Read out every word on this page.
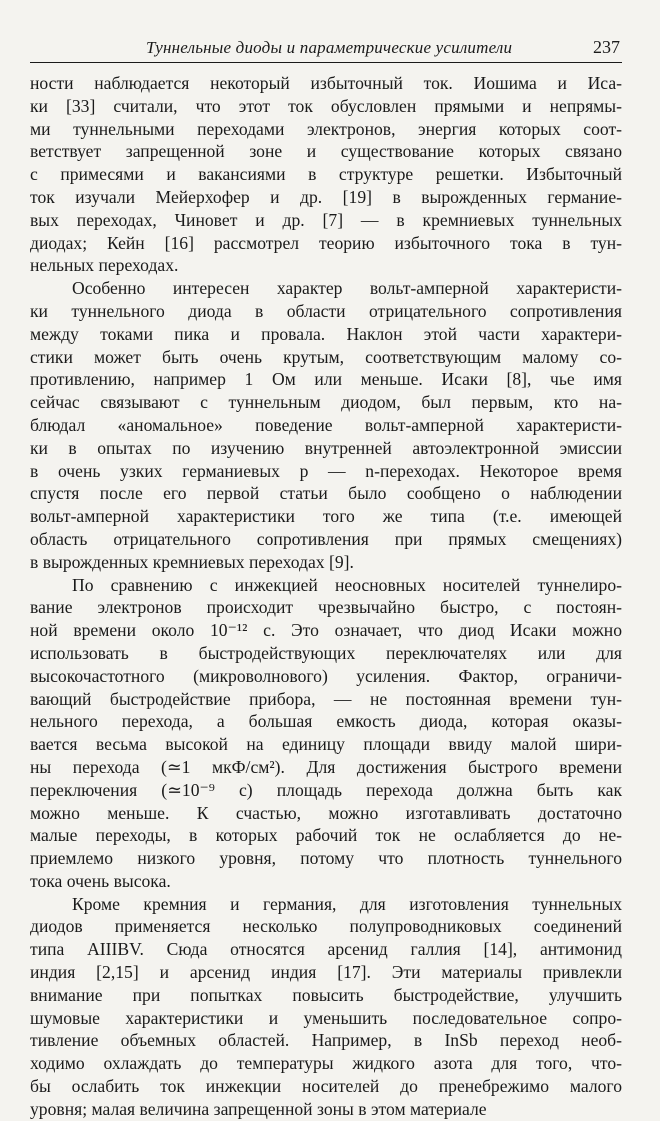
Туннельные диоды и параметрические усилители	237
ности наблюдается некоторый избыточный ток. Иошима и Иса-
ки [33] считали, что этот ток обусловлен прямыми и непрямы-
ми туннельными переходами электронов, энергия которых соот-
ветствует запрещенной зоне и существование которых связано
с примесями и вакансиями в структуре решетки. Избыточный
ток изучали Мейерхофер и др. [19] в вырожденных германие-
вых переходах, Чиновет и др. [7] — в кремниевых туннельных
диодах; Кейн [16] рассмотрел теорию избыточного тока в тун-
нельных переходах.
Особенно интересен характер вольт-амперной характеристи-
ки туннельного диода в области отрицательного сопротивления
между токами пика и провала. Наклон этой части характери-
стики может быть очень крутым, соответствующим малому со-
противлению, например 1 Ом или меньше. Исаки [8], чье имя
сейчас связывают с туннельным диодом, был первым, кто на-
блюдал «аномальное» поведение вольт-амперной характеристи-
ки в опытах по изучению внутренней автоэлектронной эмиссии
в очень узких германиевых p — n-переходах. Некоторое время
спустя после его первой статьи было сообщено о наблюдении
вольт-амперной характеристики того же типа (т.е. имеющей
область отрицательного сопротивления при прямых смещениях)
в вырожденных кремниевых переходах [9].
По сравнению с инжекцией неосновных носителей туннелиро-
вание электронов происходит чрезвычайно быстро, с постоян-
ной времени около 10⁻¹² с. Это означает, что диод Исаки можно
использовать в быстродействующих переключателях или для
высокочастотного (микроволнового) усиления. Фактор, ограничи-
вающий быстродействие прибора, — не постоянная времени тун-
нельного перехода, а большая емкость диода, которая оказы-
вается весьма высокой на единицу площади ввиду малой шири-
ны перехода (≃1 мкФ/см²). Для достижения быстрого времени
переключения (≃10⁻⁹ с) площадь перехода должна быть как
можно меньше. К счастью, можно изготавливать достаточно
малые переходы, в которых рабочий ток не ослабляется до не-
приемлемо низкого уровня, потому что плотность туннельного
тока очень высока.
Кроме кремния и германия, для изготовления туннельных
диодов применяется несколько полупроводниковых соединений
типа AIIIBV. Сюда относятся арсенид галлия [14], антимонид
индия [2,15] и арсенид индия [17]. Эти материалы привлекли
внимание при попытках повысить быстродействие, улучшить
шумовые характеристики и уменьшить последовательное сопро-
тивление объемных областей. Например, в InSb переход необ-
ходимо охлаждать до температуры жидкого азота для того, что-
бы ослабить ток инжекции носителей до пренебрежимо малого
уровня; малая величина запрещенной зоны в этом материале
